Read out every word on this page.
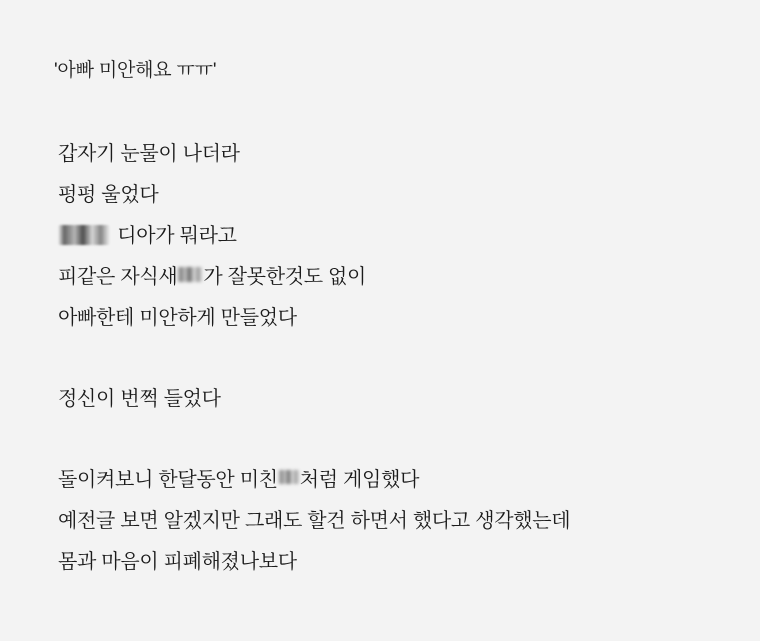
'아빠 미안해요 ㅠㅠ'
갑자기 눈물이 나더라
펑펑 울었다
디아가 뭐라고
피같은 자식새 가 잘못한것도 없이
아빠한테 미안하게 만들었다
정신이 번쩍 들었다
돌이켜보니 한달동안 미친 처럼 게임했다
예전글 보면 알겠지만 그래도 할건 하면서 했다고 생각했는데
몸과 마음이 피폐해졌나보다
